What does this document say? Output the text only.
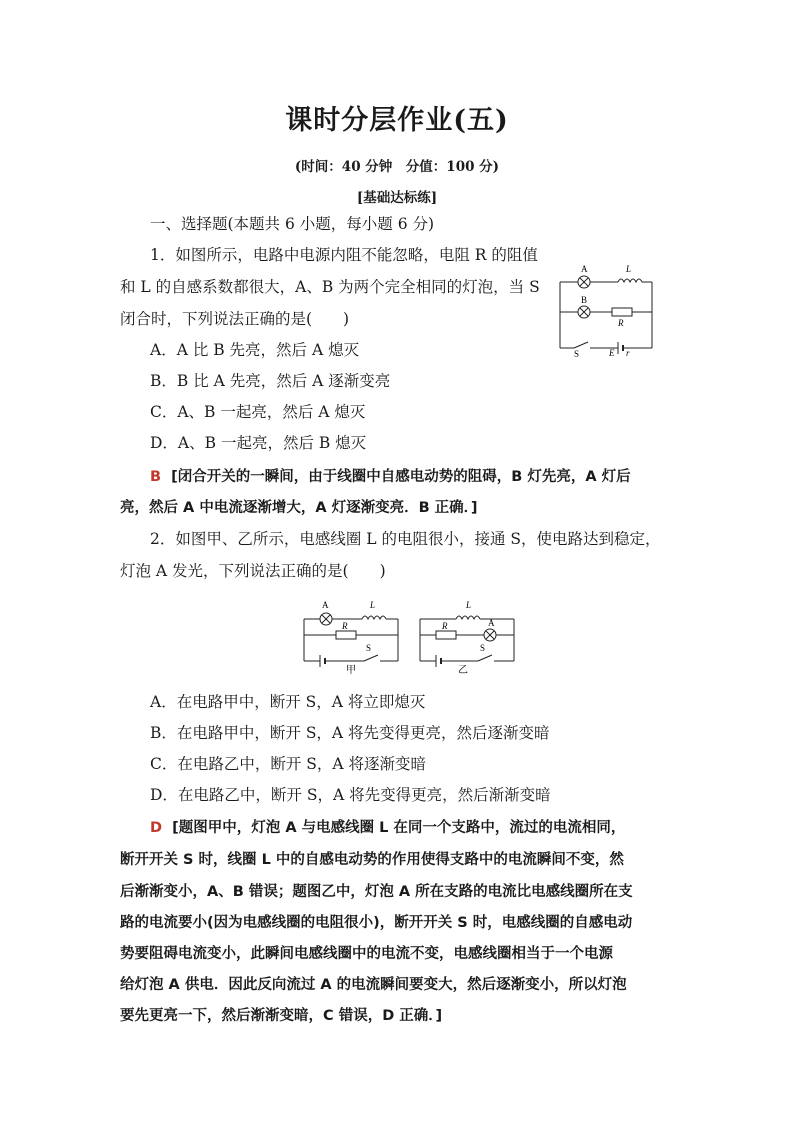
课时分层作业(五)
(时间：40 分钟　分值：100 分)
[基础达标练]
一、选择题(本题共 6 小题，每小题 6 分)
1．如图所示，电路中电源内阻不能忽略，电阻 R 的阻值
和 L 的自感系数都很大，A、B 为两个完全相同的灯泡，当 S
闭合时，下列说法正确的是(　　)
A．A 比 B 先亮，然后 A 熄灭
B．B 比 A 先亮，然后 A 逐渐变亮
C．A、B 一起亮，然后 A 熄灭
D．A、B 一起亮，然后 B 熄灭
B [闭合开关的一瞬间，由于线圈中自感电动势的阻碍，B 灯先亮，A 灯后
亮，然后 A 中电流逐渐增大，A 灯逐渐变亮．B 正确．]
A	L
B
R
S	E r
2．如图甲、乙所示，电感线圈 L 的电阻很小，接通 S，使电路达到稳定，
灯泡 A 发光，下列说法正确的是(　　)
A	L
R
S
甲
L
R	A
S
乙
A．在电路甲中，断开 S，A 将立即熄灭
B．在电路甲中，断开 S，A 将先变得更亮，然后逐渐变暗
C．在电路乙中，断开 S，A 将逐渐变暗
D．在电路乙中，断开 S，A 将先变得更亮，然后渐渐变暗
D [题图甲中，灯泡 A 与电感线圈 L 在同一个支路中，流过的电流相同，
断开开关 S 时，线圈 L 中的自感电动势的作用使得支路中的电流瞬间不变，然
后渐渐变小，A、B 错误；题图乙中，灯泡 A 所在支路的电流比电感线圈所在支
路的电流要小(因为电感线圈的电阻很小)，断开开关 S 时，电感线圈的自感电动
势要阻碍电流变小，此瞬间电感线圈中的电流不变，电感线圈相当于一个电源
给灯泡 A 供电．因此反向流过 A 的电流瞬间要变大，然后逐渐变小，所以灯泡
要先更亮一下，然后渐渐变暗，C 错误，D 正确．]
